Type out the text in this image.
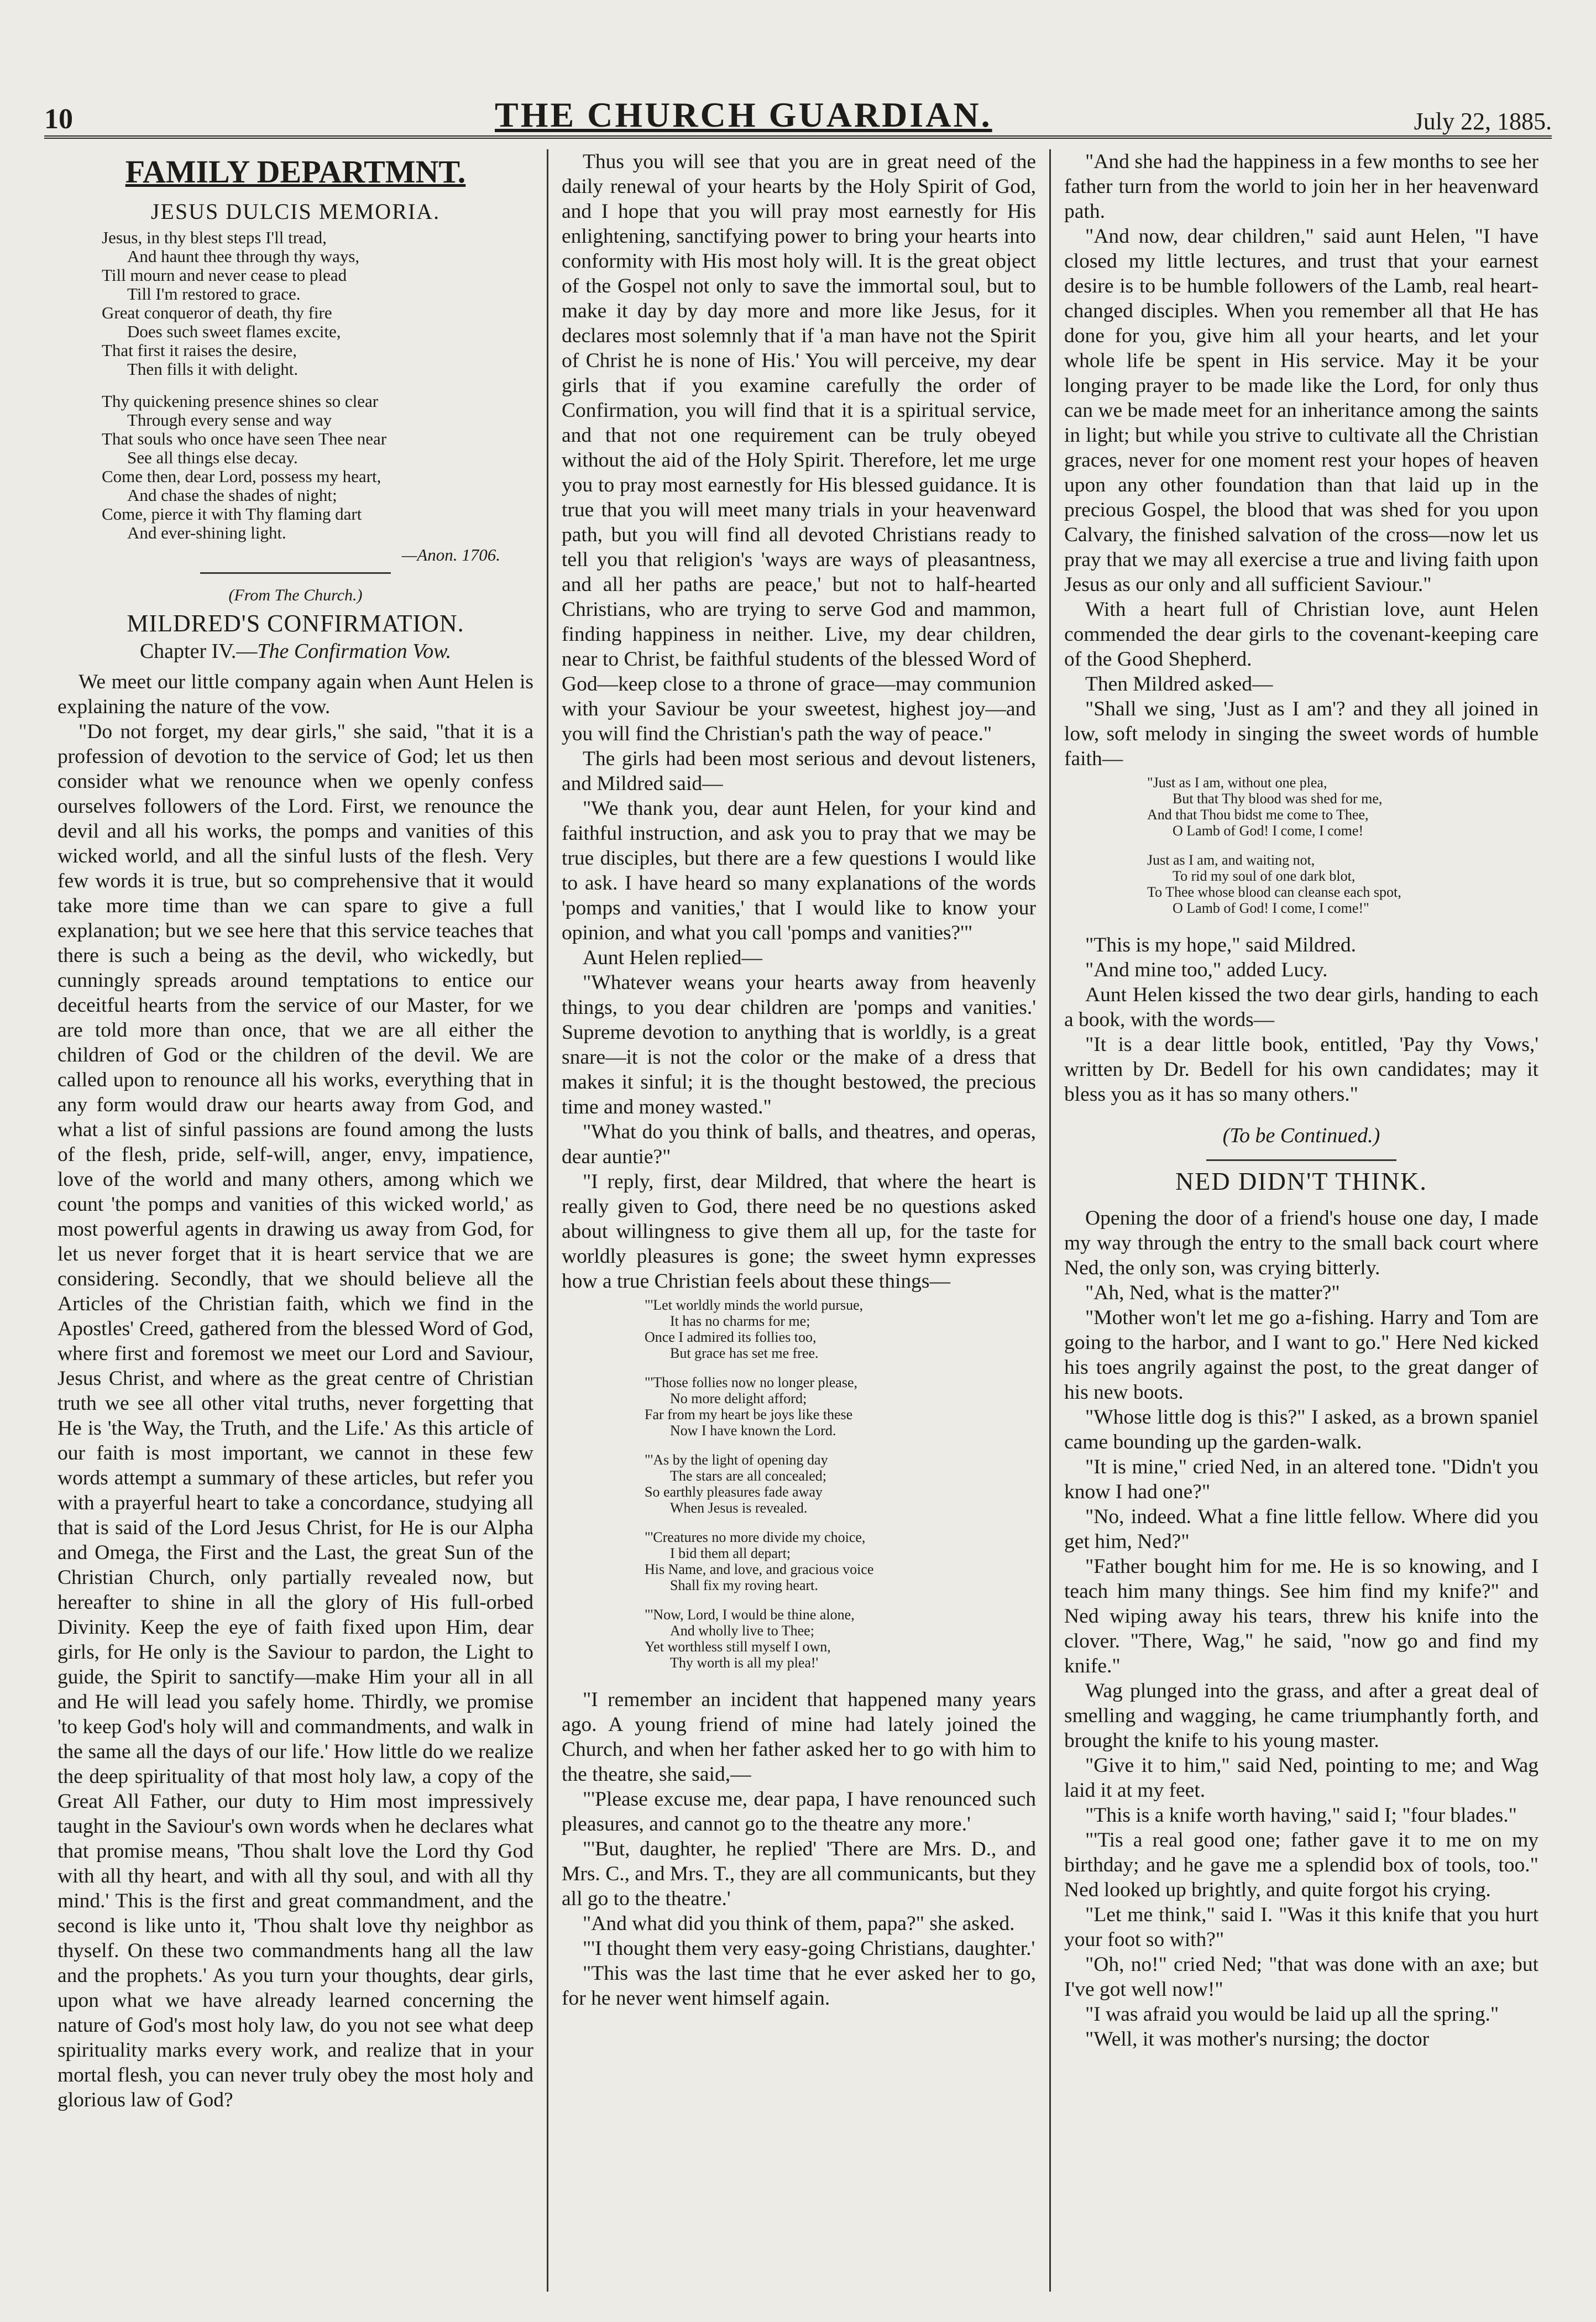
10	THE CHURCH GUARDIAN.	July 22, 1885.
FAMILY DEPARTMNT.
JESUS DULCIS MEMORIA.
Jesus, in thy blest steps I'll tread,
And haunt thee through thy ways,
Till mourn and never cease to plead
Till I'm restored to grace.
Great conqueror of death, thy fire
Does such sweet flames excite,
That first it raises the desire,
Then fills it with delight.
Thy quickening presence shines so clear
Through every sense and way
That souls who once have seen Thee near
See all things else decay.
Come then, dear Lord, possess my heart,
And chase the shades of night;
Come, pierce it with Thy flaming dart
And ever-shining light.
—Anon. 1706.
(From The Church.)
MILDRED'S CONFIRMATION.
Chapter IV.—The Confirmation Vow.

We meet our little company again when Aunt Helen is explaining the nature of the vow.

"Do not forget, my dear girls," she said, "that it is a profession of devotion to the service of God; let us then consider what we renounce when we openly confess ourselves followers of the Lord. First, we renounce the devil and all his works, the pomps and vanities of this wicked world, and all the sinful lusts of the flesh. Very few words it is true, but so comprehensive that it would take more time than we can spare to give a full explanation; but we see here that this service teaches that there is such a being as the devil, who wickedly, but cunningly spreads around temptations to entice our deceitful hearts from the service of our Master, for we are told more than once, that we are all either the children of God or the children of the devil. We are called upon to renounce all his works, everything that in any form would draw our hearts away from God, and what a list of sinful passions are found among the lusts of the flesh, pride, self-will, anger, envy, impatience, love of the world and many others, among which we count 'the pomps and vanities of this wicked world,' as most powerful agents in drawing us away from God, for let us never forget that it is heart service that we are considering. Secondly, that we should believe all the Articles of the Christian faith, which we find in the Apostles' Creed, gathered from the blessed Word of God, where first and foremost we meet our Lord and Saviour, Jesus Christ, and where as the great centre of Christian truth we see all other vital truths, never forgetting that He is 'the Way, the Truth, and the Life.' As this article of our faith is most important, we cannot in these few words attempt a summary of these articles, but refer you with a prayerful heart to take a concordance, studying all that is said of the Lord Jesus Christ, for He is our Alpha and Omega, the First and the Last, the great Sun of the Christian Church, only partially revealed now, but hereafter to shine in all the glory of His full-orbed Divinity. Keep the eye of faith fixed upon Him, dear girls, for He only is the Saviour to pardon, the Light to guide, the Spirit to sanctify—make Him your all in all and He will lead you safely home. Thirdly, we promise 'to keep God's holy will and commandments, and walk in the same all the days of our life.' How little do we realize the deep spirituality of that most holy law, a copy of the Great All Father, our duty to Him most impressively taught in the Saviour's own words when he declares what that promise means, 'Thou shalt love the Lord thy God with all thy heart, and with all thy soul, and with all thy mind.' This is the first and great commandment, and the second is like unto it, 'Thou shalt love thy neighbor as thyself. On these two commandments hang all the law and the prophets.' As you turn your thoughts, dear girls, upon what we have already learned concerning the nature of God's most holy law, do you not see what deep spirituality marks every work, and realize that in your mortal flesh, you can never truly obey the most holy and glorious law of God?

Thus you will see that you are in great need of the daily renewal of your hearts by the Holy Spirit of God, and I hope that you will pray most earnestly for His enlightening, sanctifying power to bring your hearts into conformity with His most holy will. It is the great object of the Gospel not only to save the immortal soul, but to make it day by day more and more like Jesus, for it declares most solemnly that if 'a man have not the Spirit of Christ he is none of His.' You will perceive, my dear girls that if you examine carefully the order of Confirmation, you will find that it is a spiritual service, and that not one requirement can be truly obeyed without the aid of the Holy Spirit. Therefore, let me urge you to pray most earnestly for His blessed guidance. It is true that you will meet many trials in your heavenward path, but you will find all devoted Christians ready to tell you that religion's 'ways are ways of pleasantness, and all her paths are peace,' but not to half-hearted Christians, who are trying to serve God and mammon, finding happiness in neither. Live, my dear children, near to Christ, be faithful students of the blessed Word of God—keep close to a throne of grace—may communion with your Saviour be your sweetest, highest joy—and you will find the Christian's path the way of peace."

The girls had been most serious and devout listeners, and Mildred said—

"We thank you, dear aunt Helen, for your kind and faithful instruction, and ask you to pray that we may be true disciples, but there are a few questions I would like to ask. I have heard so many explanations of the words 'pomps and vanities,' that I would like to know your opinion, and what you call 'pomps and vanities?'"

Aunt Helen replied—

"Whatever weans your hearts away from heavenly things, to you dear children are 'pomps and vanities.' Supreme devotion to anything that is worldly, is a great snare—it is not the color or the make of a dress that makes it sinful; it is the thought bestowed, the precious time and money wasted."

"What do you think of balls, and theatres, and operas, dear auntie?"

"I reply, first, dear Mildred, that where the heart is really given to God, there need be no questions asked about willingness to give them all up, for the taste for worldly pleasures is gone; the sweet hymn expresses how a true Christian feels about these things—

"'Let worldly minds the world pursue,
It has no charms for me;
Once I admired its follies too,
But grace has set me free.
"'Those follies now no longer please,
No more delight afford;
Far from my heart be joys like these
Now I have known the Lord.
"'As by the light of opening day
The stars are all concealed;
So earthly pleasures fade away
When Jesus is revealed.
"'Creatures no more divide my choice,
I bid them all depart;
His Name, and love, and gracious voice
Shall fix my roving heart.
"'Now, Lord, I would be thine alone,
And wholly live to Thee;
Yet worthless still myself I own,
Thy worth is all my plea!'

"I remember an incident that happened many years ago. A young friend of mine had lately joined the Church, and when her father asked her to go with him to the theatre, she said,—

"'Please excuse me, dear papa, I have renounced such pleasures, and cannot go to the theatre any more.'

"'But, daughter, he replied' 'There are Mrs. D., and Mrs. C., and Mrs. T., they are all communicants, but they all go to the theatre.'

"And what did you think of them, papa?" she asked.

"'I thought them very easy-going Christians, daughter.'

"This was the last time that he ever asked her to go, for he never went himself again.

"And she had the happiness in a few months to see her father turn from the world to join her in her heavenward path.

"And now, dear children," said aunt Helen, "I have closed my little lectures, and trust that your earnest desire is to be humble followers of the Lamb, real heart-changed disciples. When you remember all that He has done for you, give him all your hearts, and let your whole life be spent in His service. May it be your longing prayer to be made like the Lord, for only thus can we be made meet for an inheritance among the saints in light; but while you strive to cultivate all the Christian graces, never for one moment rest your hopes of heaven upon any other foundation than that laid up in the precious Gospel, the blood that was shed for you upon Calvary, the finished salvation of the cross—now let us pray that we may all exercise a true and living faith upon Jesus as our only and all sufficient Saviour."

With a heart full of Christian love, aunt Helen commended the dear girls to the covenant-keeping care of the Good Shepherd.

Then Mildred asked—

"Shall we sing, 'Just as I am'? and they all joined in low, soft melody in singing the sweet words of humble faith—

"Just as I am, without one plea,
But that Thy blood was shed for me,
And that Thou bidst me come to Thee,
O Lamb of God! I come, I come!
Just as I am, and waiting not,
To rid my soul of one dark blot,
To Thee whose blood can cleanse each spot,
O Lamb of God! I come, I come!"

"This is my hope," said Mildred.

"And mine too," added Lucy.

Aunt Helen kissed the two dear girls, handing to each a book, with the words—

"It is a dear little book, entitled, 'Pay thy Vows,' written by Dr. Bedell for his own candidates; may it bless you as it has so many others."

(To be Continued.)
NED DIDN'T THINK.

Opening the door of a friend's house one day, I made my way through the entry to the small back court where Ned, the only son, was crying bitterly.

"Ah, Ned, what is the matter?"

"Mother won't let me go a-fishing. Harry and Tom are going to the harbor, and I want to go." Here Ned kicked his toes angrily against the post, to the great danger of his new boots.

"Whose little dog is this?" I asked, as a brown spaniel came bounding up the garden-walk.

"It is mine," cried Ned, in an altered tone. "Didn't you know I had one?"

"No, indeed. What a fine little fellow. Where did you get him, Ned?"

"Father bought him for me. He is so knowing, and I teach him many things. See him find my knife?" and Ned wiping away his tears, threw his knife into the clover. "There, Wag," he said, "now go and find my knife."

Wag plunged into the grass, and after a great deal of smelling and wagging, he came triumphantly forth, and brought the knife to his young master.

"Give it to him," said Ned, pointing to me; and Wag laid it at my feet.

"This is a knife worth having," said I; "four blades."

"'Tis a real good one; father gave it to me on my birthday; and he gave me a splendid box of tools, too." Ned looked up brightly, and quite forgot his crying.

"Let me think," said I. "Was it this knife that you hurt your foot so with?"

"Oh, no!" cried Ned; "that was done with an axe; but I've got well now!"

"I was afraid you would be laid up all the spring."

"Well, it was mother's nursing; the doctor
